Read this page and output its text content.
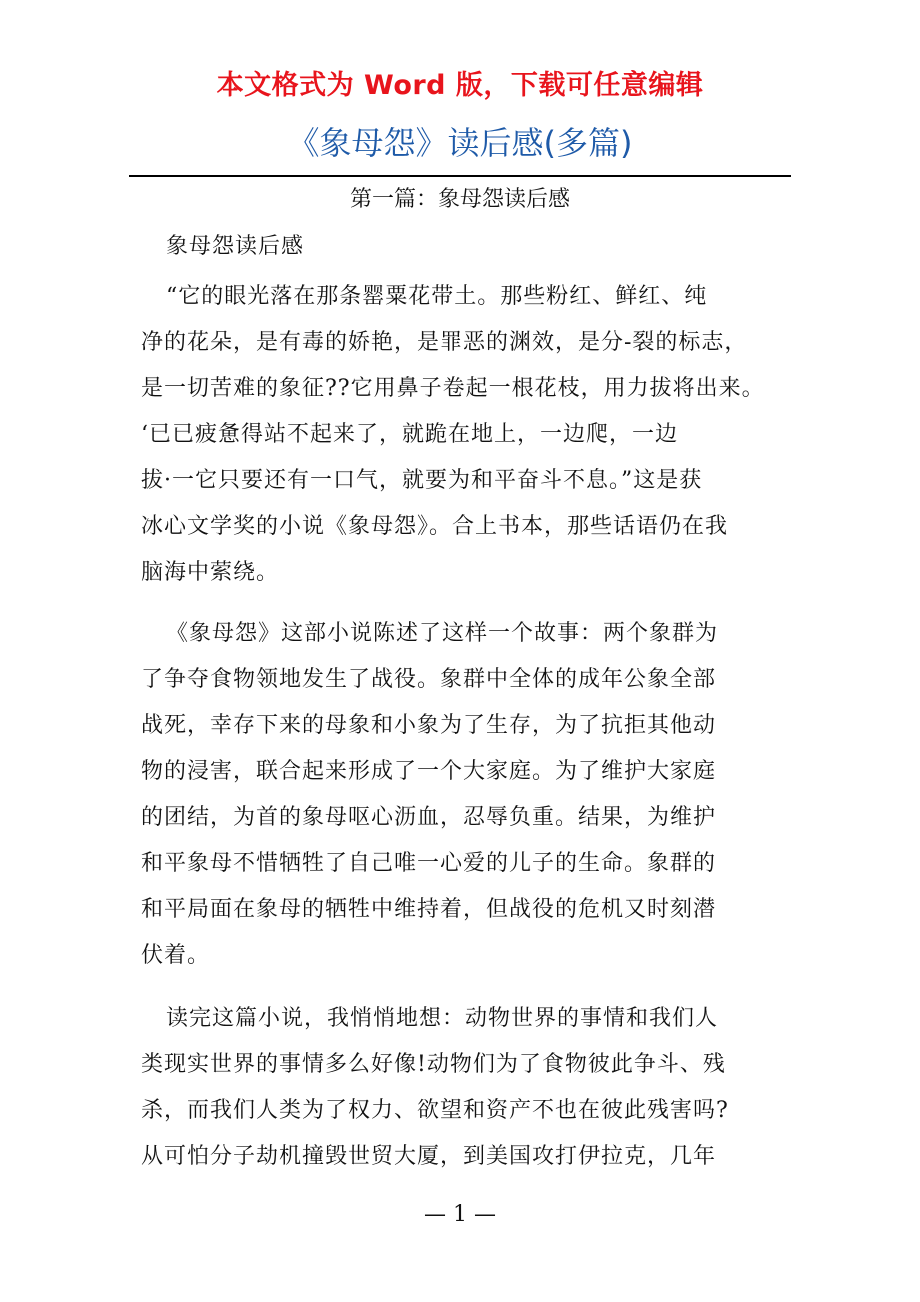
本文格式为 Word 版，下载可任意编辑
《象母怨》读后感(多篇)
第一篇：象母怨读后感
象母怨读后感
“它的眼光落在那条罂粟花带土。那些粉红、鲜红、纯
净的花朵，是有毒的娇艳，是罪恶的渊效，是分-裂的标志，
是一切苦难的象征??它用鼻子卷起一根花枝，用力拔将出来。
‘已已疲惫得站不起来了，就跪在地上，一边爬，一边
拔·一它只要还有一口气，就要为和平奋斗不息。”这是获
冰心文学奖的小说《象母怨》。合上书本，那些话语仍在我
脑海中萦绕。
《象母怨》这部小说陈述了这样一个故事：两个象群为
了争夺食物领地发生了战役。象群中全体的成年公象全部
战死，幸存下来的母象和小象为了生存，为了抗拒其他动
物的浸害，联合起来形成了一个大家庭。为了维护大家庭
的团结，为首的象母呕心沥血，忍辱负重。结果，为维护
和平象母不惜牺牲了自己唯一心爱的儿子的生命。象群的
和平局面在象母的牺牲中维持着，但战役的危机又时刻潜
伏着。
读完这篇小说，我悄悄地想：动物世界的事情和我们人
类现实世界的事情多么好像!动物们为了食物彼此争斗、残
杀，而我们人类为了权力、欲望和资产不也在彼此残害吗?
从可怕分子劫机撞毁世贸大厦，到美国攻打伊拉克，几年
— 1 —
